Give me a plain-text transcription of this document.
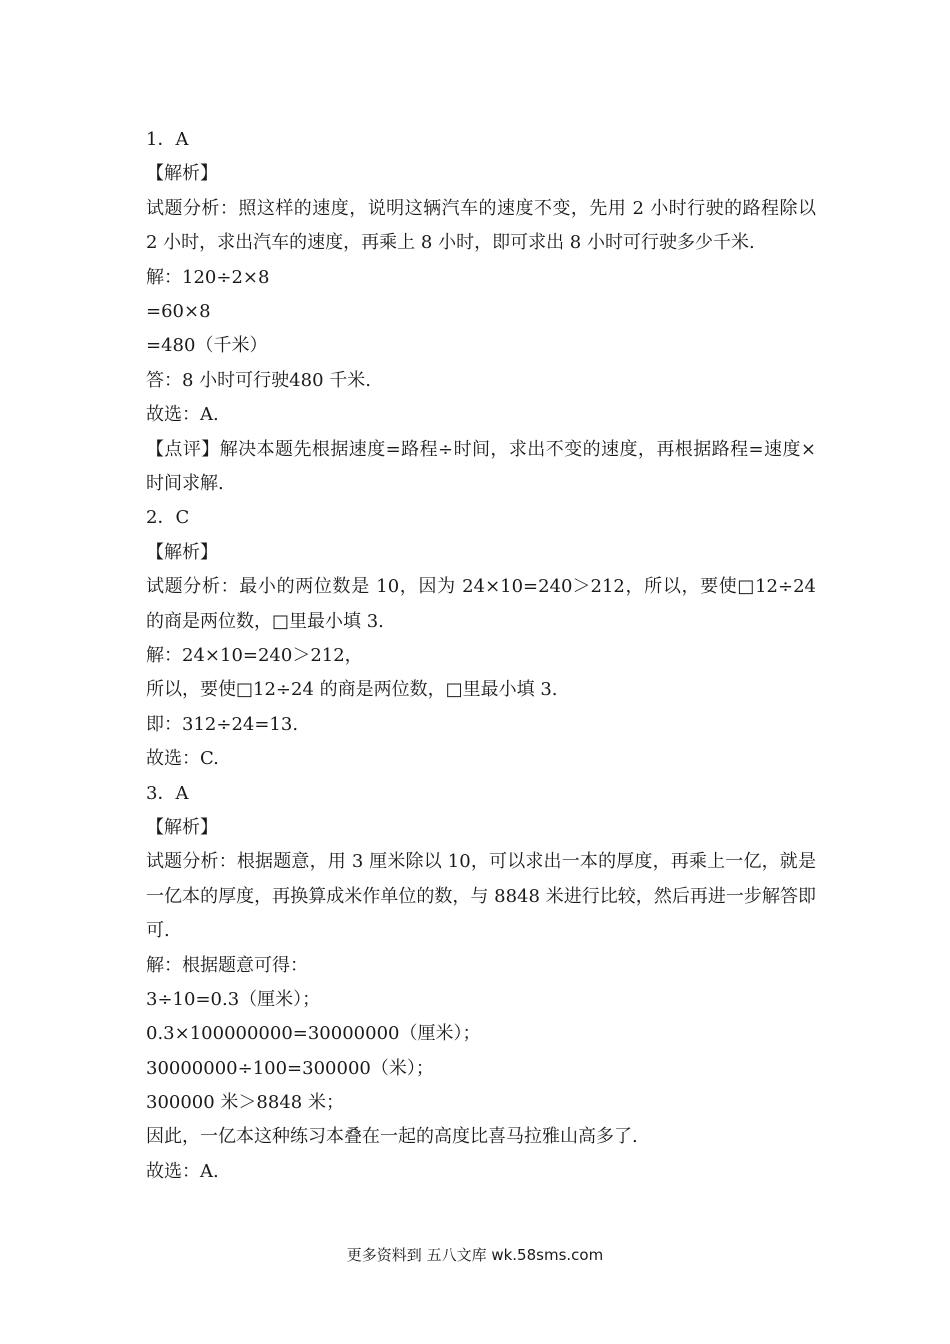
1．A
【解析】
试题分析：照这样的速度，说明这辆汽车的速度不变，先用 2 小时行驶的路程除以 2 小时，求出汽车的速度，再乘上 8 小时，即可求出 8 小时可行驶多少千米.
解：120÷2×8
=60×8
=480（千米）
答：8 小时可行驶480 千米.
故选：A.
【点评】解决本题先根据速度=路程÷时间，求出不变的速度，再根据路程=速度×时间求解.
2．C
【解析】
试题分析：最小的两位数是 10，因为 24×10=240＞212，所以，要使□12÷24 的商是两位数，□里最小填 3.
解：24×10=240＞212，
所以，要使□12÷24 的商是两位数，□里最小填 3.
即：312÷24=13.
故选：C.
3．A
【解析】
试题分析：根据题意，用 3 厘米除以 10，可以求出一本的厚度，再乘上一亿，就是一亿本的厚度，再换算成米作单位的数，与 8848 米进行比较，然后再进一步解答即可.
解：根据题意可得：
3÷10=0.3（厘米）；
0.3×100000000=30000000（厘米）；
30000000÷100=300000（米）；
300000 米＞8848 米；
因此，一亿本这种练习本叠在一起的高度比喜马拉雅山高多了.
故选：A.
更多资料到 五八文库 wk.58sms.com
